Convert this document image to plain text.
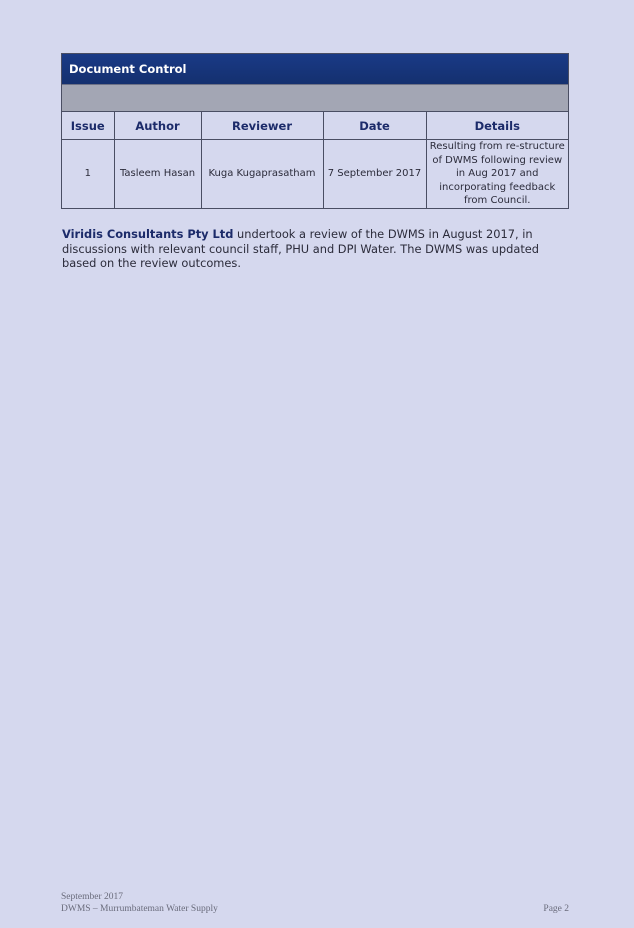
Document Control
Issue	Author	Reviewer	Date	Details
1	Tasleem Hasan	Kuga Kugaprasatham	7 September 2017	Resulting from re-structure of DWMS following review in Aug 2017 and incorporating feedback from Council.

Viridis Consultants Pty Ltd undertook a review of the DWMS in August 2017, in discussions with relevant council staff, PHU and DPI Water. The DWMS was updated based on the review outcomes.

September 2017
DWMS – Murrumbateman Water Supply	Page 2
